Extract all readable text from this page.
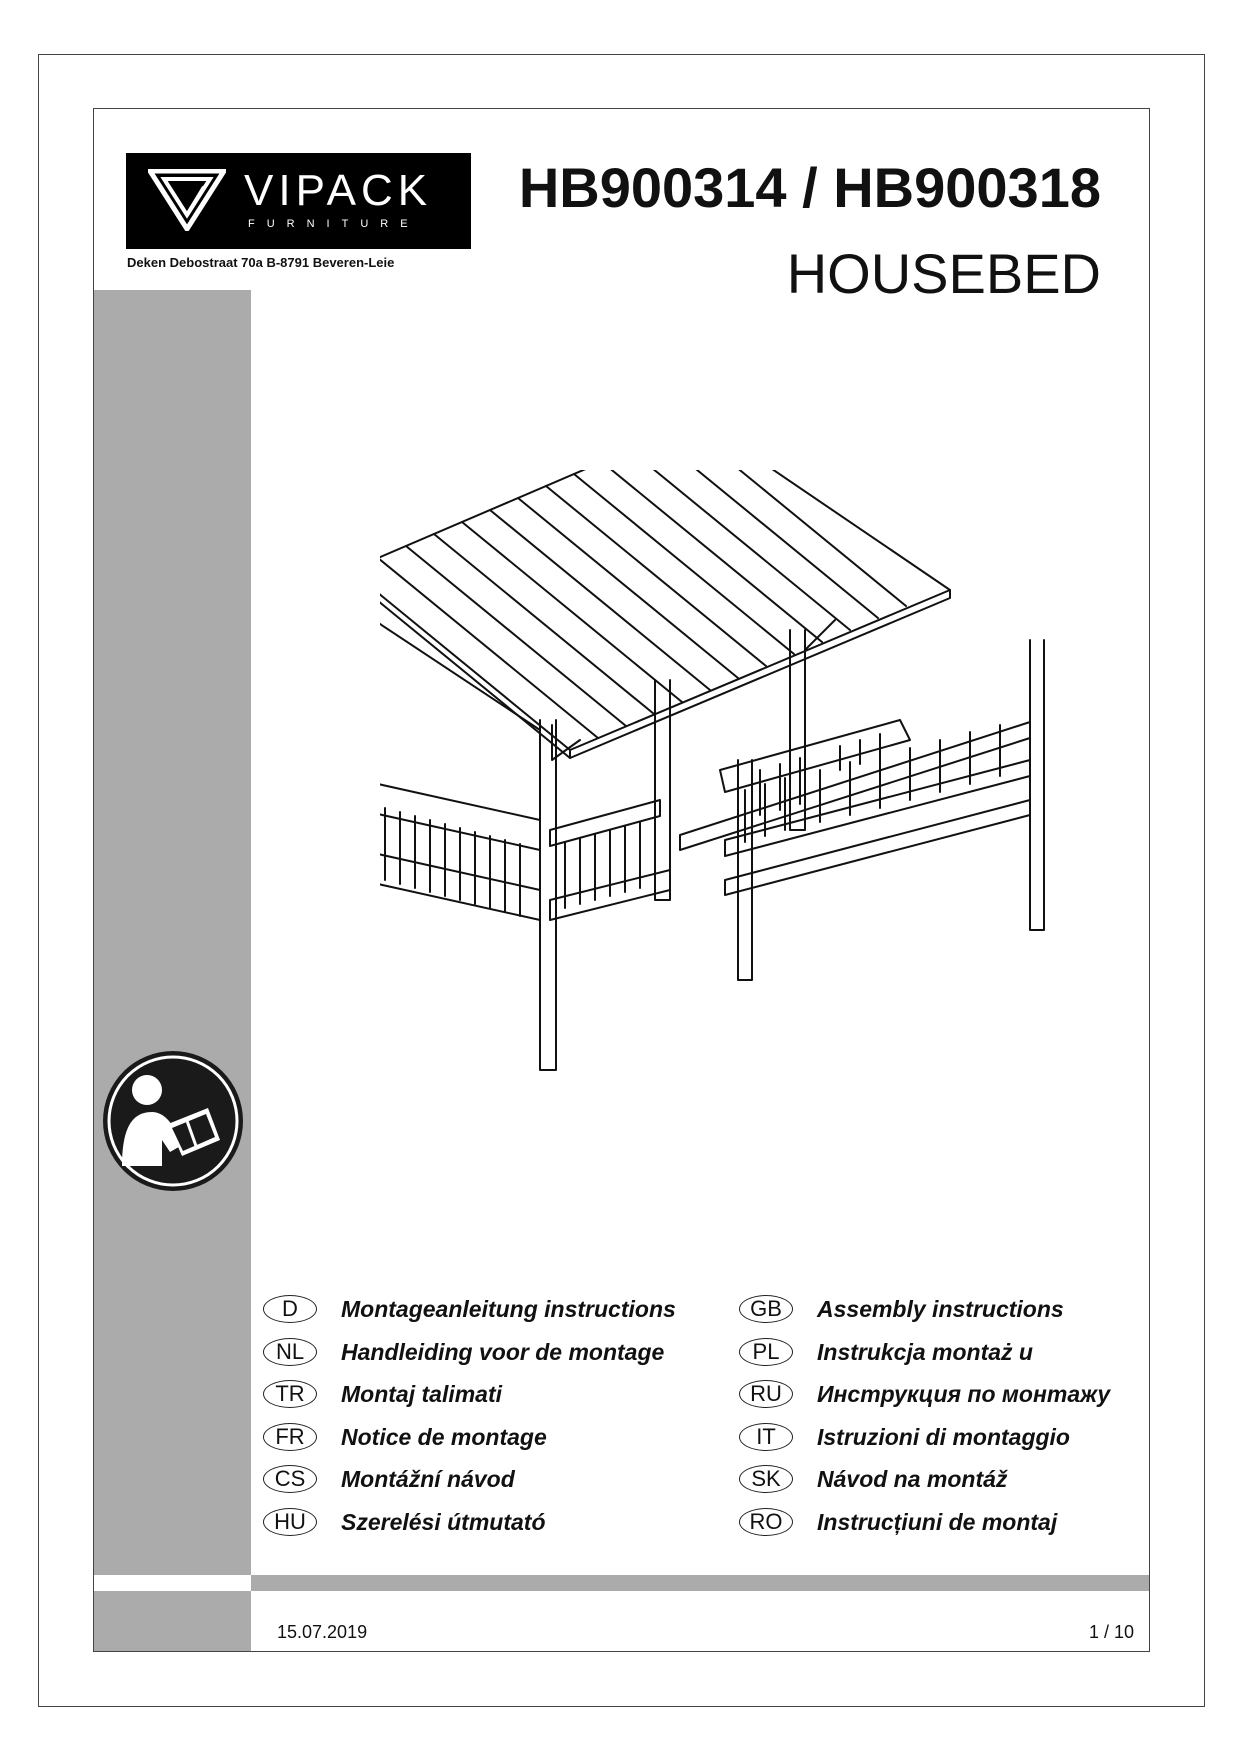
VIPACK
FURNITURE
Deken Debostraat 70a B-8791 Beveren-Leie
HB900314 / HB900318
HOUSEBED
D	Montageanleitung instructions	GB	Assembly instructions
NL	Handleiding voor de montage	PL	Instrukcja montaż u
TR	Montaj talimati	RU	Инструкция по монтажу
FR	Notice de montage	IT	Istruzioni di montaggio
CS	Montážní návod	SK	Návod na montáž
HU	Szerelési útmutató	RO	Instrucțiuni de montaj
15.07.2019	1 / 10
